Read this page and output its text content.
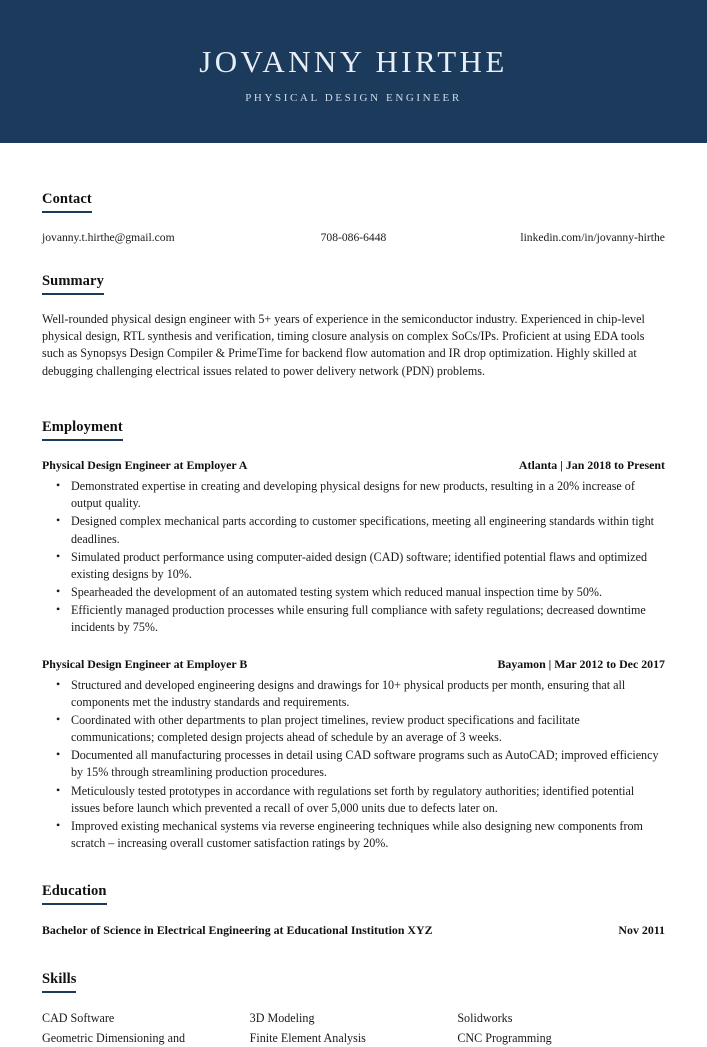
JOVANNY HIRTHE
PHYSICAL DESIGN ENGINEER
Contact
jovanny.t.hirthe@gmail.com	708-086-6448	linkedin.com/in/jovanny-hirthe
Summary

Well-rounded physical design engineer with 5+ years of experience in the semiconductor industry. Experienced in chip-level physical design, RTL synthesis and verification, timing closure analysis on complex SoCs/IPs. Proficient at using EDA tools such as Synopsys Design Compiler & PrimeTime for backend flow automation and IR drop optimization. Highly skilled at debugging challenging electrical issues related to power delivery network (PDN) problems.

Employment
Physical Design Engineer at Employer A	Atlanta | Jan 2018 to Present
• Demonstrated expertise in creating and developing physical designs for new products, resulting in a 20% increase of output quality.
• Designed complex mechanical parts according to customer specifications, meeting all engineering standards within tight deadlines.
• Simulated product performance using computer-aided design (CAD) software; identified potential flaws and optimized existing designs by 10%.
• Spearheaded the development of an automated testing system which reduced manual inspection time by 50%.
• Efficiently managed production processes while ensuring full compliance with safety regulations; decreased downtime incidents by 75%.
Physical Design Engineer at Employer B	Bayamon | Mar 2012 to Dec 2017
• Structured and developed engineering designs and drawings for 10+ physical products per month, ensuring that all components met the industry standards and requirements.
• Coordinated with other departments to plan project timelines, review product specifications and facilitate communications; completed design projects ahead of schedule by an average of 3 weeks.
• Documented all manufacturing processes in detail using CAD software programs such as AutoCAD; improved efficiency by 15% through streamlining production procedures.
• Meticulously tested prototypes in accordance with regulations set forth by regulatory authorities; identified potential issues before launch which prevented a recall of over 5,000 units due to defects later on.
• Improved existing mechanical systems via reverse engineering techniques while also designing new components from scratch – increasing overall customer satisfaction ratings by 20%.
Education
Bachelor of Science in Electrical Engineering at Educational Institution XYZ	Nov 2011
Skills
CAD Software	3D Modeling	Solidworks
Geometric Dimensioning and	Finite Element Analysis	CNC Programming
